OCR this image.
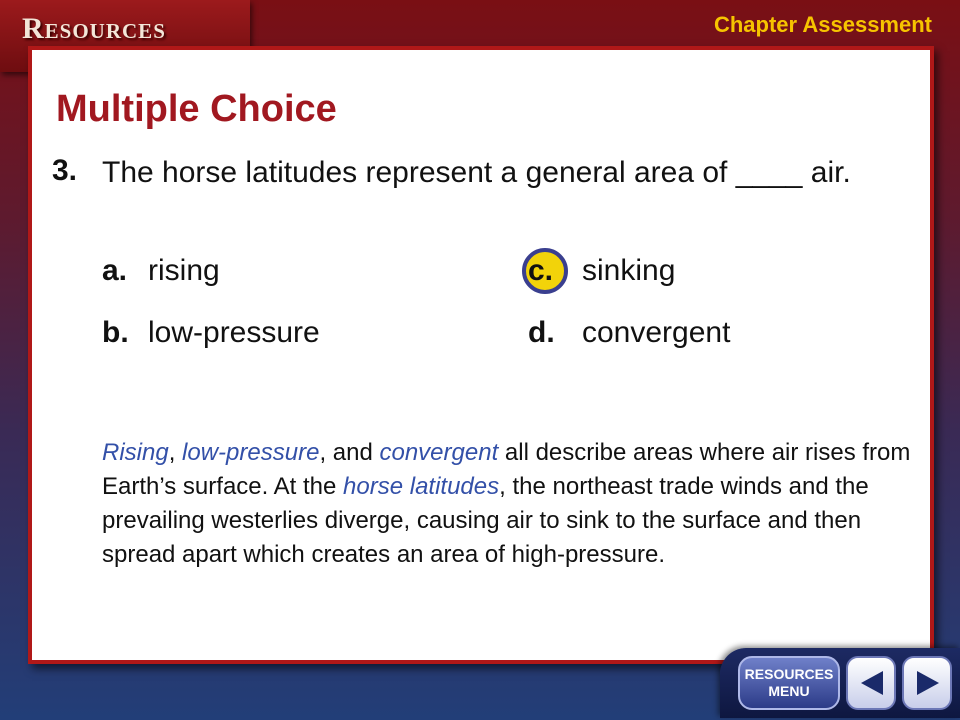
Resources	Chapter Assessment
Multiple Choice
3. The horse latitudes represent a general area of ____ air.
a. rising
b. low-pressure
c. sinking
d. convergent
Rising, low-pressure, and convergent all describe areas where air rises from Earth’s surface. At the horse latitudes, the northeast trade winds and the prevailing westerlies diverge, causing air to sink to the surface and then spread apart which creates an area of high-pressure.
RESOURCES
MENU
